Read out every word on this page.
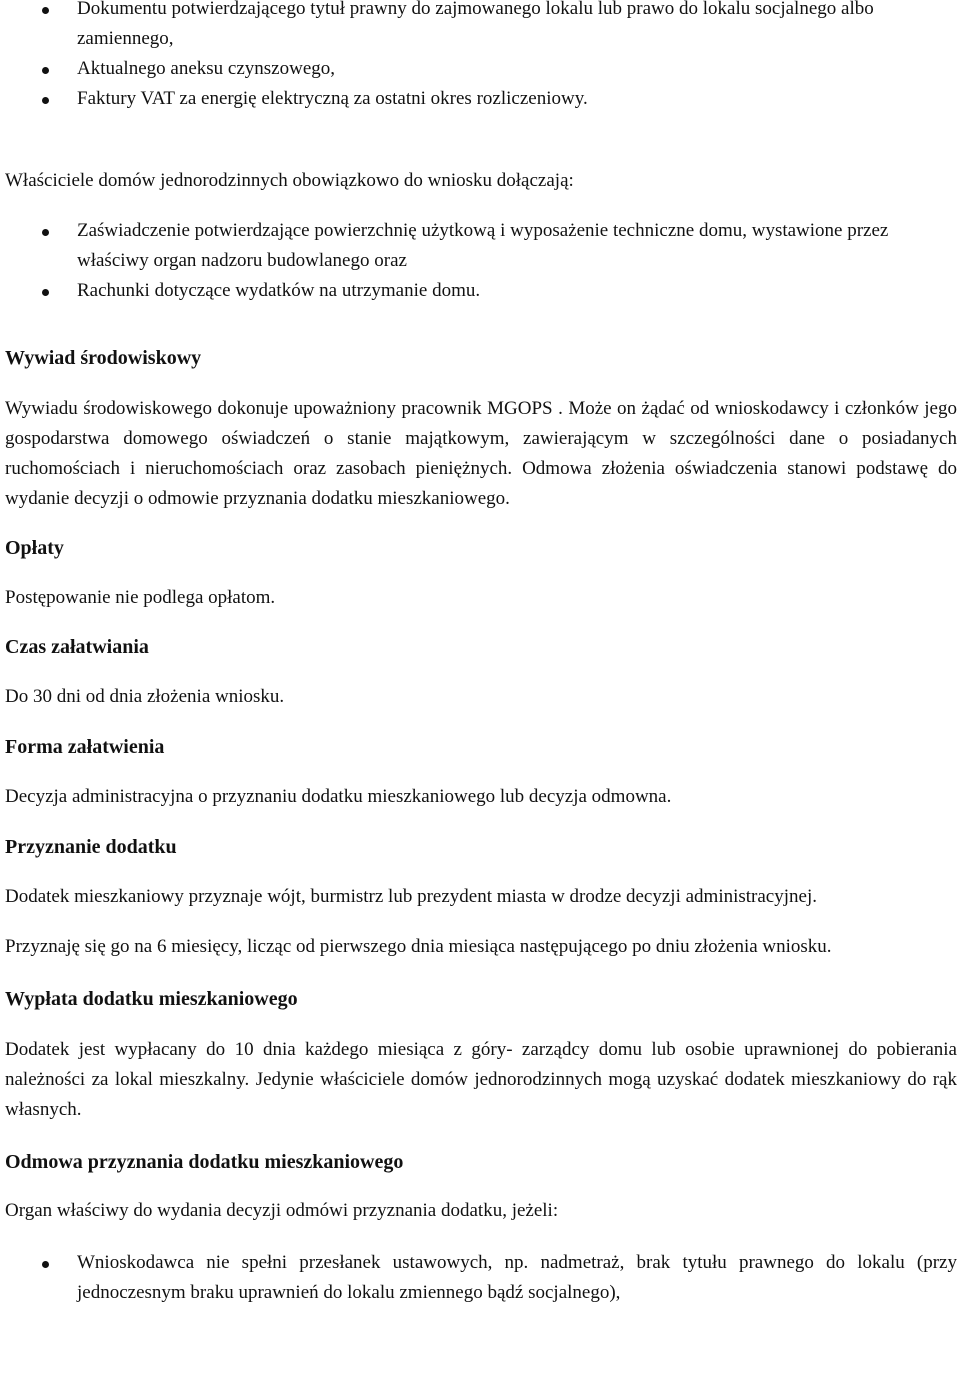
Dokumentu potwierdzającego tytuł prawny do zajmowanego lokalu lub prawo do lokalu socjalnego albo zamiennego,
Aktualnego aneksu czynszowego,
Faktury VAT za energię elektryczną za ostatni okres rozliczeniowy.

Właściciele domów jednorodzinnych obowiązkowo do wniosku dołączają:

Zaświadczenie potwierdzające powierzchnię użytkową i wyposażenie techniczne domu, wystawione przez właściwy organ nadzoru budowlanego oraz
Rachunki dotyczące wydatków na utrzymanie domu.
Wywiad środowiskowy

Wywiadu środowiskowego dokonuje upoważniony pracownik MGOPS . Może on żądać od wnioskodawcy i członków jego gospodarstwa domowego oświadczeń o stanie majątkowym, zawierającym w szczególności dane o posiadanych ruchomościach i nieruchomościach oraz zasobach pieniężnych. Odmowa złożenia oświadczenia stanowi podstawę do wydanie decyzji o odmowie przyznania dodatku mieszkaniowego.

Opłaty

Postępowanie nie podlega opłatom.

Czas załatwiania

Do 30 dni od dnia złożenia wniosku.

Forma załatwienia

Decyzja administracyjna o przyznaniu dodatku mieszkaniowego lub decyzja odmowna.

Przyznanie dodatku

Dodatek mieszkaniowy przyznaje wójt, burmistrz lub prezydent miasta w drodze decyzji administracyjnej.

Przyznaję się go na 6 miesięcy, licząc od pierwszego dnia miesiąca następującego po dniu złożenia wniosku.

Wypłata dodatku mieszkaniowego

Dodatek jest wypłacany do 10 dnia każdego miesiąca z góry- zarządcy domu lub osobie uprawnionej do pobierania należności za lokal mieszkalny. Jedynie właściciele domów jednorodzinnych mogą uzyskać dodatek mieszkaniowy do rąk własnych.

Odmowa przyznania dodatku mieszkaniowego

Organ właściwy do wydania decyzji odmówi przyznania dodatku, jeżeli:

Wnioskodawca nie spełni przesłanek ustawowych, np. nadmetraż, brak tytułu prawnego do lokalu (przy jednoczesnym braku uprawnień do lokalu zmiennego bądź socjalnego),
